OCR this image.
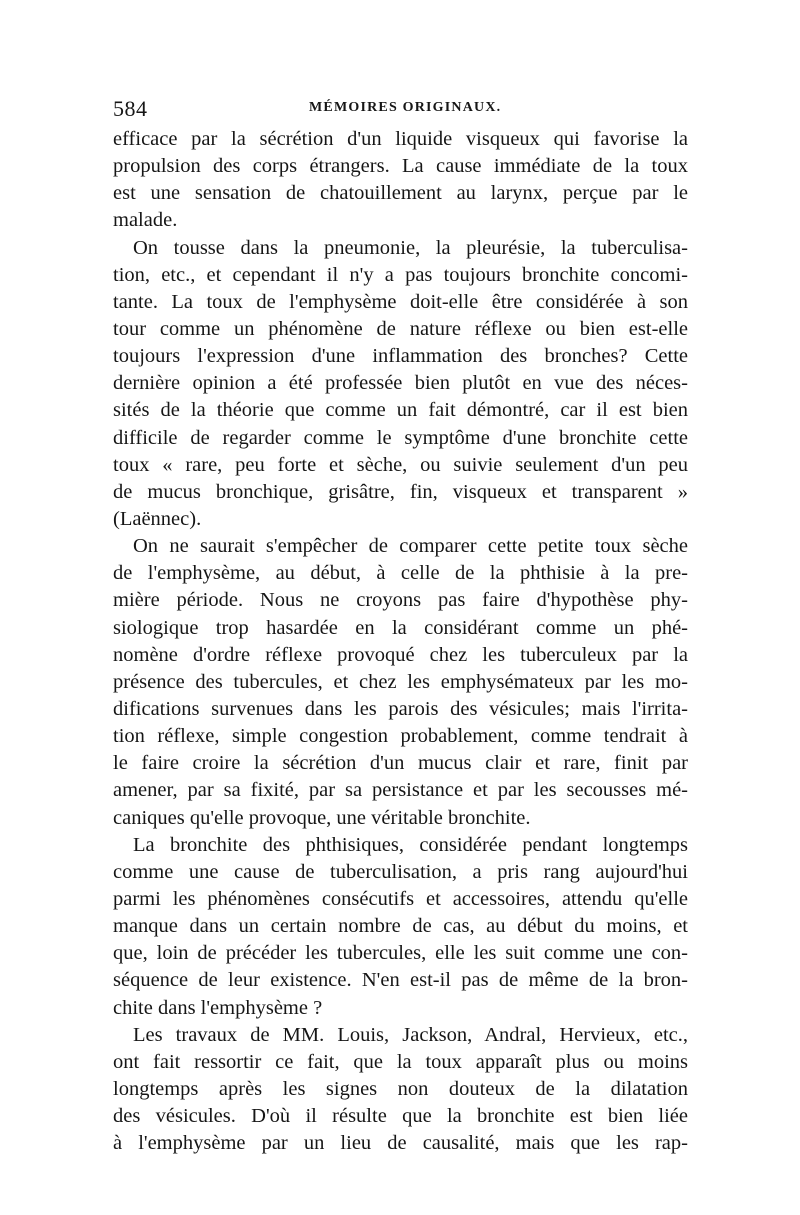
584	MÉMOIRES ORIGINAUX.
efficace par la sécrétion d'un liquide visqueux qui favorise la
propulsion des corps étrangers. La cause immédiate de la toux
est une sensation de chatouillement au larynx, perçue par le
malade.
On tousse dans la pneumonie, la pleurésie, la tuberculisa-
tion, etc., et cependant il n'y a pas toujours bronchite concomi-
tante. La toux de l'emphysème doit-elle être considérée à son
tour comme un phénomène de nature réflexe ou bien est-elle
toujours l'expression d'une inflammation des bronches? Cette
dernière opinion a été professée bien plutôt en vue des néces-
sités de la théorie que comme un fait démontré, car il est bien
difficile de regarder comme le symptôme d'une bronchite cette
toux « rare, peu forte et sèche, ou suivie seulement d'un peu
de mucus bronchique, grisâtre, fin, visqueux et transparent »
(Laënnec).
On ne saurait s'empêcher de comparer cette petite toux sèche
de l'emphysème, au début, à celle de la phthisie à la pre-
mière période. Nous ne croyons pas faire d'hypothèse phy-
siologique trop hasardée en la considérant comme un phé-
nomène d'ordre réflexe provoqué chez les tuberculeux par la
présence des tubercules, et chez les emphysémateux par les mo-
difications survenues dans les parois des vésicules; mais l'irrita-
tion réflexe, simple congestion probablement, comme tendrait à
le faire croire la sécrétion d'un mucus clair et rare, finit par
amener, par sa fixité, par sa persistance et par les secousses mé-
caniques qu'elle provoque, une véritable bronchite.
La bronchite des phthisiques, considérée pendant longtemps
comme une cause de tuberculisation, a pris rang aujourd'hui
parmi les phénomènes consécutifs et accessoires, attendu qu'elle
manque dans un certain nombre de cas, au début du moins, et
que, loin de précéder les tubercules, elle les suit comme une con-
séquence de leur existence. N'en est-il pas de même de la bron-
chite dans l'emphysème ?
Les travaux de MM. Louis, Jackson, Andral, Hervieux, etc.,
ont fait ressortir ce fait, que la toux apparaît plus ou moins
longtemps après les signes non douteux de la dilatation
des vésicules. D'où il résulte que la bronchite est bien liée
à l'emphysème par un lieu de causalité, mais que les rap-
